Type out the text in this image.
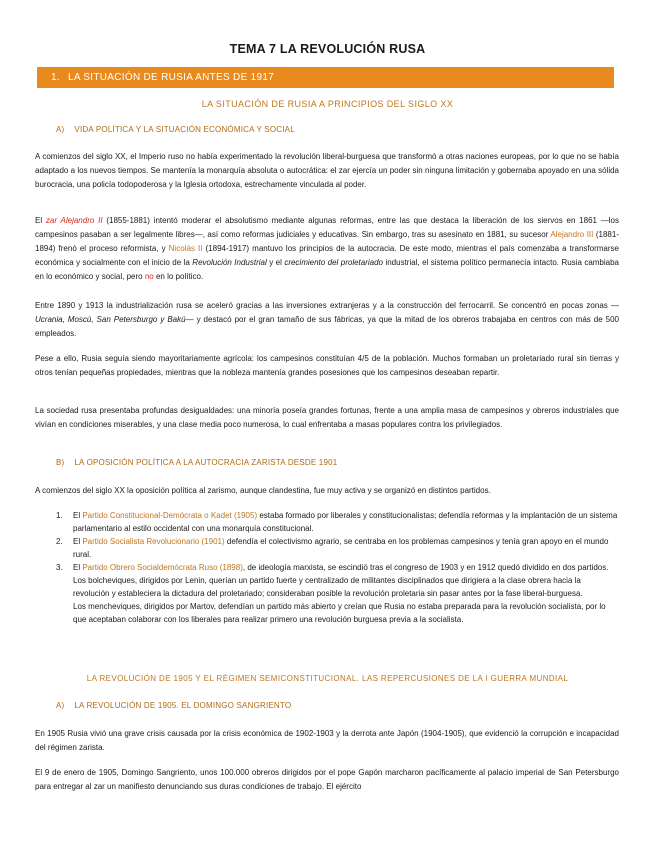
TEMA 7 LA REVOLUCIÓN RUSA
1. LA SITUACIÓN DE RUSIA ANTES DE 1917
LA SITUACIÓN DE RUSIA A PRINCIPIOS DEL SIGLO XX
A) VIDA POLÍTICA Y LA SITUACIÓN ECONÓMICA Y SOCIAL

A comienzos del siglo XX, el Imperio ruso no había experimentado la revolución liberal-burguesa que transformó a otras naciones europeas, por lo que no se había adaptado a los nuevos tiempos. Se mantenía la monarquía absoluta o autocrática: el zar ejercía un poder sin ninguna limitación y gobernaba apoyado en una sólida burocracia, una policía todopoderosa y la Iglesia ortodoxa, estrechamente vinculada al poder.

El zar Alejandro II (1855-1881) intentó moderar el absolutismo mediante algunas reformas, entre las que destaca la liberación de los siervos en 1861 —los campesinos pasaban a ser legalmente libres—, así como reformas judiciales y educativas. Sin embargo, tras su asesinato en 1881, su sucesor Alejandro III (1881-1894) frenó el proceso reformista, y Nicolás II (1894-1917) mantuvo los principios de la autocracia. De este modo, mientras el país comenzaba a transformarse económica y socialmente con el inicio de la Revolución Industrial y el crecimiento del proletariado industrial, el sistema político permanecía intacto. Rusia cambiaba en lo económico y social, pero no en lo político.

Entre 1890 y 1913 la industrialización rusa se aceleró gracias a las inversiones extranjeras y a la construcción del ferrocarril. Se concentró en pocas zonas —Ucrania, Moscú, San Petersburgo y Bakú— y destacó por el gran tamaño de sus fábricas, ya que la mitad de los obreros trabajaba en centros con más de 500 empleados.

Pese a ello, Rusia seguía siendo mayoritariamente agrícola: los campesinos constituían 4/5 de la población. Muchos formaban un proletariado rural sin tierras y otros tenían pequeñas propiedades, mientras que la nobleza mantenía grandes posesiones que los campesinos deseaban repartir.

La sociedad rusa presentaba profundas desigualdades: una minoría poseía grandes fortunas, frente a una amplia masa de campesinos y obreros industriales que vivían en condiciones miserables, y una clase media poco numerosa, lo cual enfrentaba a masas populares contra los privilegiados.

B) LA OPOSICIÓN POLÍTICA A LA AUTOCRACIA ZARISTA DESDE 1901

A comienzos del siglo XX la oposición política al zarismo, aunque clandestina, fue muy activa y se organizó en distintos partidos.

1. El Partido Constitucional-Demócrata o Kadet (1905) estaba formado por liberales y constitucionalistas; defendía reformas y la implantación de un sistema parlamentario al estilo occidental con una monarquía constitucional.
2. El Partido Socialista Revolucionario (1901) defendía el colectivismo agrario, se centraba en los problemas campesinos y tenía gran apoyo en el mundo rural.
3. El Partido Obrero Socialdemócrata Ruso (1898), de ideología marxista, se escindió tras el congreso de 1903 y en 1912 quedó dividido en dos partidos.
Los bolcheviques, dirigidos por Lenin, querían un partido fuerte y centralizado de militantes disciplinados que dirigiera a la clase obrera hacia la revolución y estableciera la dictadura del proletariado; consideraban posible la revolución proletaria sin pasar antes por la fase liberal-burguesa.
Los mencheviques, dirigidos por Martov, defendían un partido más abierto y creían que Rusia no estaba preparada para la revolución socialista, por lo que aceptaban colaborar con los liberales para realizar primero una revolución burguesa previa a la socialista.
LA REVOLUCIÓN DE 1905 Y EL RÉGIMEN SEMICONSTITUCIONAL. LAS REPERCUSIONES DE LA I GUERRA MUNDIAL
A) LA REVOLUCIÓN DE 1905. EL DOMINGO SANGRIENTO

En 1905 Rusia vivió una grave crisis causada por la crisis económica de 1902-1903 y la derrota ante Japón (1904-1905), que evidenció la corrupción e incapacidad del régimen zarista.

El 9 de enero de 1905, Domingo Sangriento, unos 100.000 obreros dirigidos por el pope Gapón marcharon pacíficamente al palacio imperial de San Petersburgo para entregar al zar un manifiesto denunciando sus duras condiciones de trabajo. El ejército
